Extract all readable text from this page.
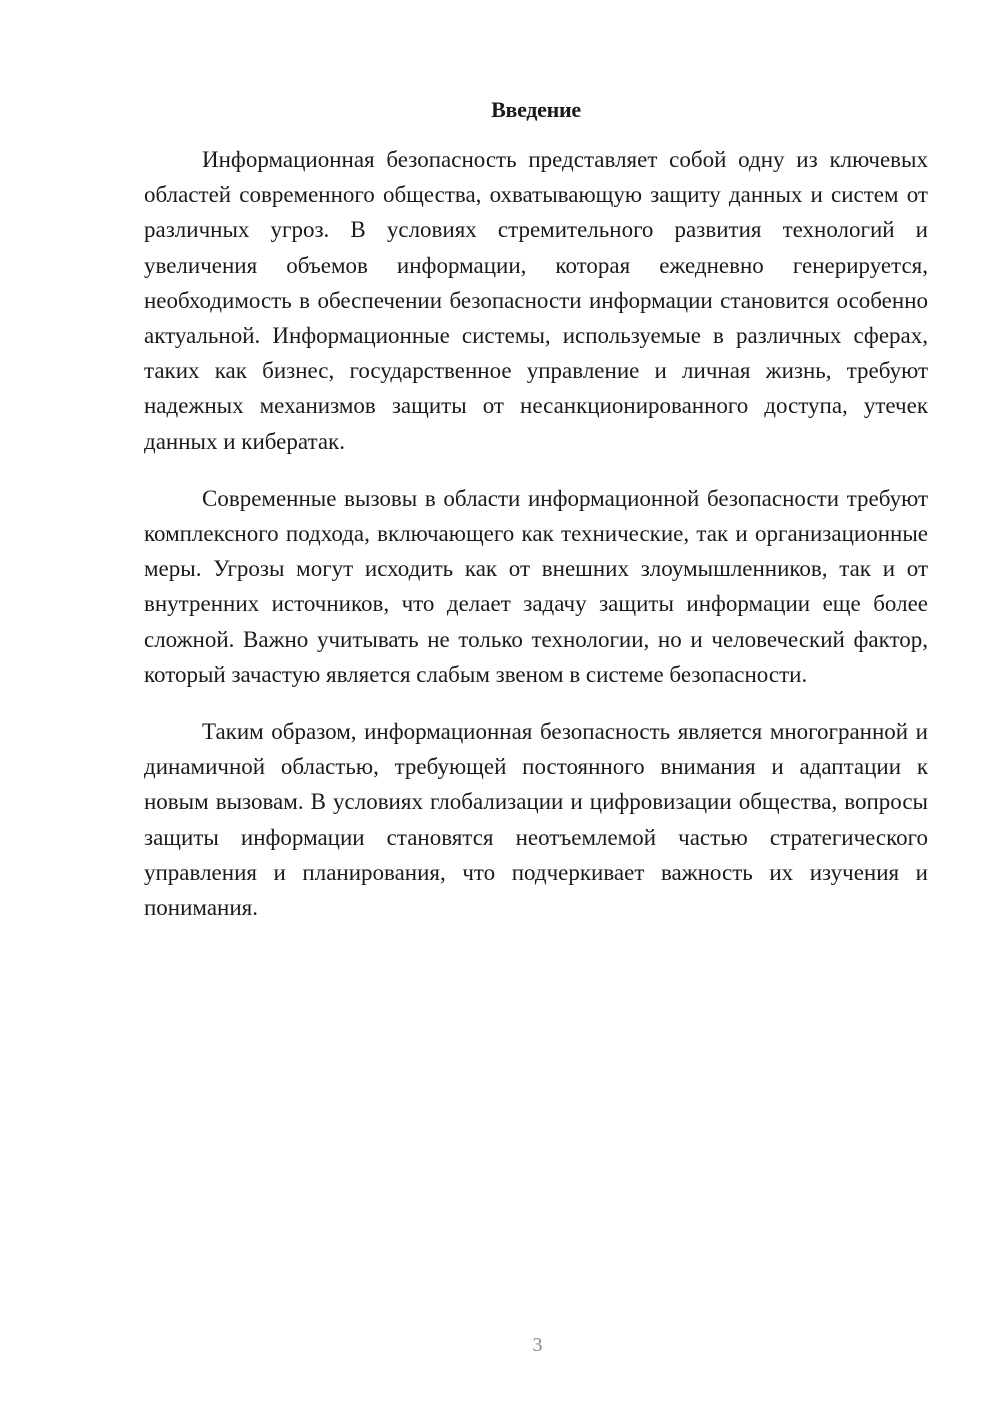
Введение

Информационная безопасность представляет собой одну из ключевых областей современного общества, охватывающую защиту данных и систем от различных угроз. В условиях стремительного развития технологий и увеличения объемов информации, которая ежедневно генерируется, необходимость в обеспечении безопасности информации становится особенно актуальной. Информационные системы, используемые в различных сферах, таких как бизнес, государственное управление и личная жизнь, требуют надежных механизмов защиты от несанкционированного доступа, утечек данных и кибератак.

Современные вызовы в области информационной безопасности требуют комплексного подхода, включающего как технические, так и организационные меры. Угрозы могут исходить как от внешних злоумышленников, так и от внутренних источников, что делает задачу защиты информации еще более сложной. Важно учитывать не только технологии, но и человеческий фактор, который зачастую является слабым звеном в системе безопасности.

Таким образом, информационная безопасность является многогранной и динамичной областью, требующей постоянного внимания и адаптации к новым вызовам. В условиях глобализации и цифровизации общества, вопросы защиты информации становятся неотъемлемой частью стратегического управления и планирования, что подчеркивает важность их изучения и понимания.

3
